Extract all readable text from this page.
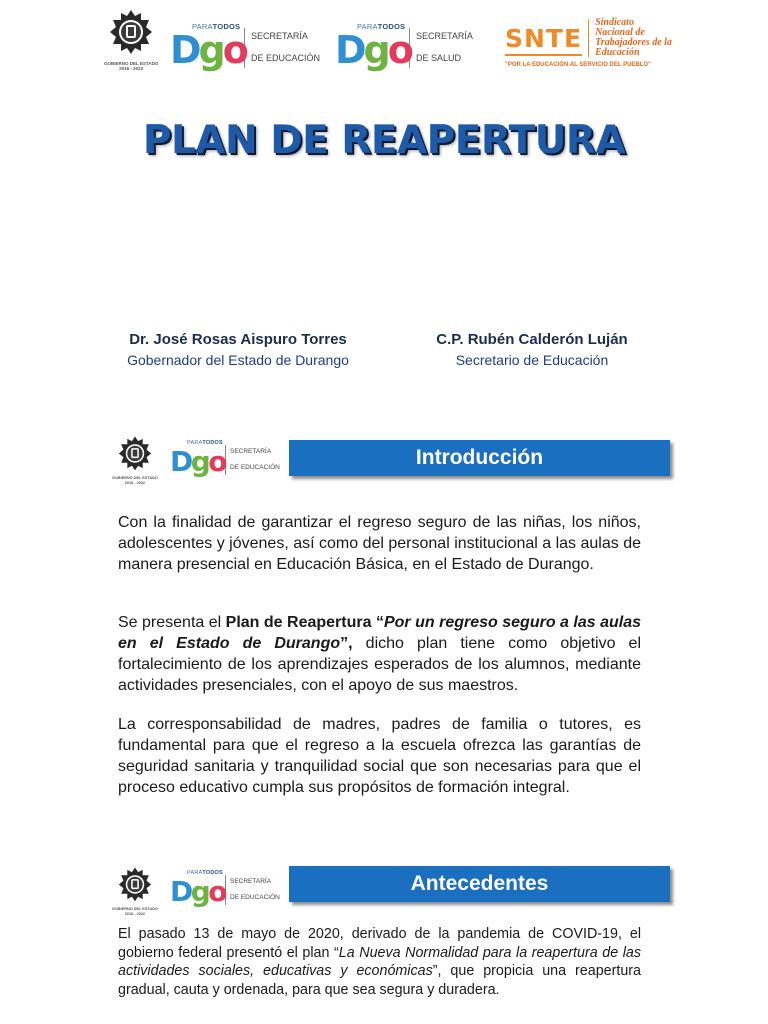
GOBIERNO DEL ESTADO
2016 - 2022
PARATODOS
Dgo SECRETARÍA

DE EDUCACIÓN

PARATODOS
Dgo SECRETARÍA

DE SALUD

SNTE
Sindicato
Nacional de
Trabajadores de la
Educación
"POR LA EDUCACIÓN AL SERVICIO DEL PUEBLO"
PLAN DE REAPERTURA
Dr. José Rosas Aispuro Torres
Gobernador del Estado de Durango
C.P. Rubén Calderón Luján
Secretario de Educación
GOBIERNO DEL ESTADO
2016 - 2022
PARATODOS
Dgo SECRETARÍA

DE EDUCACIÓN	Introducción
Con la finalidad de garantizar el regreso seguro de las niñas, los niños, adolescentes y jóvenes, así como del personal institucional a las aulas de manera presencial en Educación Básica, en el Estado de Durango.
Se presenta el Plan de Reapertura “Por un regreso seguro a las aulas en el Estado de Durango”, dicho plan tiene como objetivo el fortalecimiento de los aprendizajes esperados de los alumnos, mediante actividades presenciales, con el apoyo de sus maestros.
La corresponsabilidad de madres, padres de familia o tutores, es fundamental para que el regreso a la escuela ofrezca las garantías de seguridad sanitaria y tranquilidad social que son necesarias para que el proceso educativo cumpla sus propósitos de formación integral.
GOBIERNO DEL ESTADO
2016 - 2022
PARATODOS
Dgo SECRETARÍA

DE EDUCACIÓN

Antecedentes
El pasado 13 de mayo de 2020, derivado de la pandemia de COVID-19, el gobierno federal presentó el plan “La Nueva Normalidad para la reapertura de las actividades sociales, educativas y económicas”, que propicia una reapertura gradual, cauta y ordenada, para que sea segura y duradera.
